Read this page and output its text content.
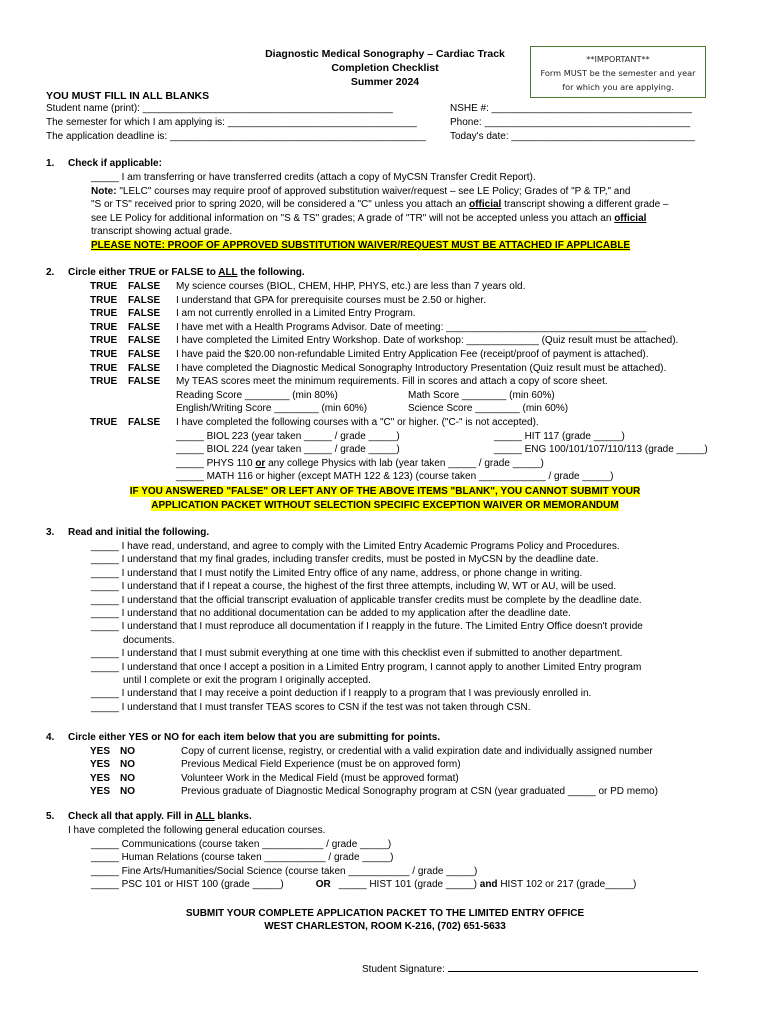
Diagnostic Medical Sonography – Cardiac Track
Completion Checklist
Summer 2024
**IMPORTANT**
Form MUST be the semester and year
for which you are applying.
YOU MUST FILL IN ALL BLANKS
Student name (print): _____________________________________________	NSHE #: ____________________________________
The semester for which I am applying is: __________________________________	Phone: _____________________________________
The application deadline is: ______________________________________________ Today's date: _________________________________
1. Check if applicable:
_____ I am transferring or have transferred credits (attach a copy of MyCSN Transfer Credit Report).
Note: "LELC" courses may require proof of approved substitution waiver/request – see LE Policy; Grades of "P & TP," and
"S or TS" received prior to spring 2020, will be considered a "C" unless you attach an official transcript showing a different grade –
see LE Policy for additional information on "S & TS" grades; A grade of "TR" will not be accepted unless you attach an official
transcript showing actual grade.
PLEASE NOTE: PROOF OF APPROVED SUBSTITUTION WAIVER/REQUEST MUST BE ATTACHED IF APPLICABLE
2. Circle either TRUE or FALSE to ALL the following.
TRUE FALSE My science courses (BIOL, CHEM, HHP, PHYS, etc.) are less than 7 years old.
TRUE FALSE I understand that GPA for prerequisite courses must be 2.50 or higher.
TRUE FALSE I am not currently enrolled in a Limited Entry Program.
TRUE FALSE I have met with a Health Programs Advisor. Date of meeting: ____________________________________
TRUE FALSE I have completed the Limited Entry Workshop. Date of workshop: _____________ (Quiz result must be attached).
TRUE FALSE I have paid the $20.00 non-refundable Limited Entry Application Fee (receipt/proof of payment is attached).
TRUE FALSE I have completed the Diagnostic Medical Sonography Introductory Presentation (Quiz result must be attached).
TRUE FALSE My TEAS scores meet the minimum requirements. Fill in scores and attach a copy of score sheet.
Reading Score ________ (min 80%)	Math Score ________ (min 60%)
English/Writing Score ________ (min 60%)	Science Score ________ (min 60%)
TRUE FALSE I have completed the following courses with a "C" or higher. ("C-" is not accepted).
_____ BIOL 223 (year taken _____ / grade _____)	_____ HIT 117 (grade _____)
_____ BIOL 224 (year taken _____ / grade _____)	_____ ENG 100/101/107/110/113 (grade _____)
_____ PHYS 110 or any college Physics with lab (year taken _____ / grade _____)
_____ MATH 116 or higher (except MATH 122 & 123) (course taken ____________ / grade _____)
IF YOU ANSWERED "FALSE" OR LEFT ANY OF THE ABOVE ITEMS "BLANK", YOU CANNOT SUBMIT YOUR
APPLICATION PACKET WITHOUT SELECTION SPECIFIC EXCEPTION WAIVER OR MEMORANDUM
3. Read and initial the following.
_____ I have read, understand, and agree to comply with the Limited Entry Academic Programs Policy and Procedures.
_____ I understand that my final grades, including transfer credits, must be posted in MyCSN by the deadline date.
_____ I understand that I must notify the Limited Entry office of any name, address, or phone change in writing.
_____ I understand that if I repeat a course, the highest of the first three attempts, including W, WT or AU, will be used.
_____ I understand that the official transcript evaluation of applicable transfer credits must be complete by the deadline date.
_____ I understand that no additional documentation can be added to my application after the deadline date.
_____ I understand that I must reproduce all documentation if I reapply in the future. The Limited Entry Office doesn't provide
documents.
_____ I understand that I must submit everything at one time with this checklist even if submitted to another department.
_____ I understand that once I accept a position in a Limited Entry program, I cannot apply to another Limited Entry program
until I complete or exit the program I originally accepted.
_____ I understand that I may receive a point deduction if I reapply to a program that I was previously enrolled in.
_____ I understand that I must transfer TEAS scores to CSN if the test was not taken through CSN.
4. Circle either YES or NO for each item below that you are submitting for points.
YES NO	Copy of current license, registry, or credential with a valid expiration date and individually assigned number
YES NO	Previous Medical Field Experience (must be on approved form)
YES NO	Volunteer Work in the Medical Field (must be approved format)
YES NO	Previous graduate of Diagnostic Medical Sonography program at CSN (year graduated _____ or PD memo)
5. Check all that apply. Fill in ALL blanks.
I have completed the following general education courses.
_____ Communications (course taken ___________ / grade _____)
_____ Human Relations (course taken ___________ / grade _____)
_____ Fine Arts/Humanities/Social Science (course taken ___________ / grade _____)
_____ PSC 101 or HIST 100 (grade _____)	OR _____ HIST 101 (grade _____) and HIST 102 or 217 (grade_____)
SUBMIT YOUR COMPLETE APPLICATION PACKET TO THE LIMITED ENTRY OFFICE
WEST CHARLESTON, ROOM K-216, (702) 651-5633
Student Signature:
